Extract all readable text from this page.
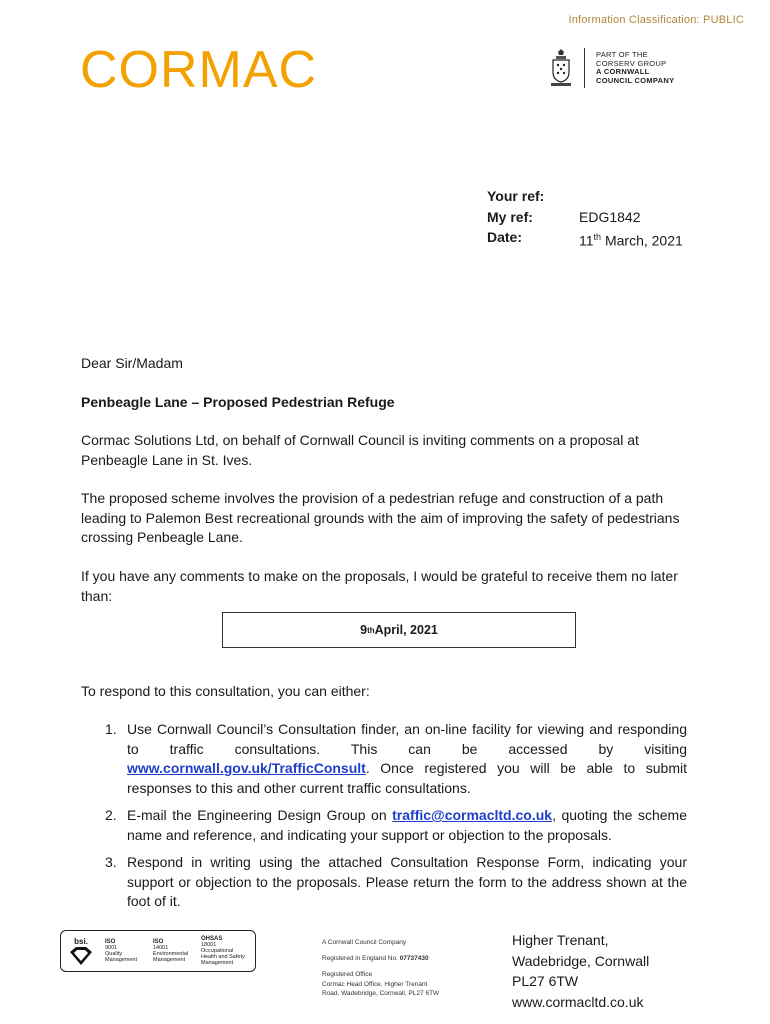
Information Classification: PUBLIC
CORMAC	PART OF THE
CORSERV GROUP
A CORNWALL
COUNCIL COMPANY
Your ref:
My ref:	EDG1842
Date:	11th March, 2021
Dear Sir/Madam
Penbeagle Lane – Proposed Pedestrian Refuge
Cormac Solutions Ltd, on behalf of Cornwall Council is inviting comments on a proposal at Penbeagle Lane in St. Ives.
The proposed scheme involves the provision of a pedestrian refuge and construction of a path leading to Palemon Best recreational grounds with the aim of improving the safety of pedestrians crossing Penbeagle Lane.
If you have any comments to make on the proposals, I would be grateful to receive them no later than:
9 th April, 2021
To respond to this consultation, you can either:
1. Use Cornwall Council’s Consultation finder, an on-line facility for viewing and responding to traffic consultations. This can be accessed by visiting www.cornwall.gov.uk/TrafficConsult. Once registered you will be able to submit responses to this and other current traffic consultations.
2. E-mail the Engineering Design Group on traffic@cormacltd.co.uk, quoting the scheme name and reference, and indicating your support or objection to the proposals.
3. Respond in writing using the attached Consultation Response Form, indicating your support or objection to the proposals. Please return the form to the address shown at the foot of it.
bsi.	ISO
9001
Quality Management
ISO
14001
Environmental Management
OHSAS
18001
Occupational Health and Safety Management
A Cornwall Council Company
Registered in England No. 07737430
Registered Office
Cormac Head Office, Higher Trenant
Road, Wadebridge, Cornwall, PL27 6TW
Higher Trenant,
Wadebridge, Cornwall
PL27 6TW
www.cormacltd.co.uk
